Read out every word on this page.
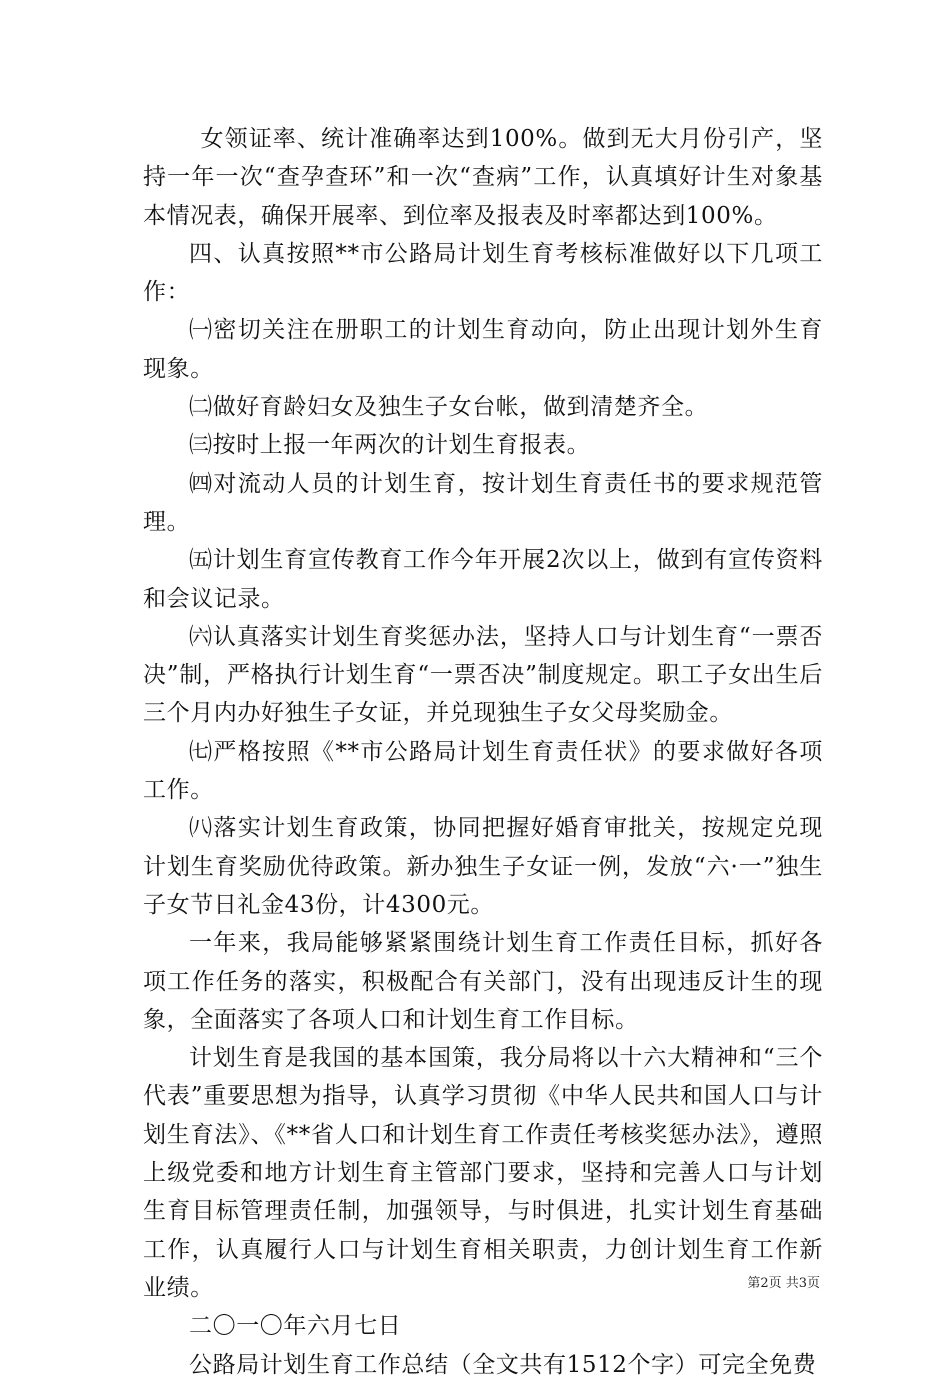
女领证率、统计准确率达到100%。做到无大月份引产，坚持一年一次“查孕查环”和一次“查病”工作，认真填好计生对象基本情况表，确保开展率、到位率及报表及时率都达到100%。

四、认真按照**市公路局计划生育考核标准做好以下几项工作：

㈠密切关注在册职工的计划生育动向，防止出现计划外生育现象。

㈡做好育龄妇女及独生子女台帐，做到清楚齐全。

㈢按时上报一年两次的计划生育报表。

㈣对流动人员的计划生育，按计划生育责任书的要求规范管理。

㈤计划生育宣传教育工作今年开展2次以上，做到有宣传资料和会议记录。

㈥认真落实计划生育奖惩办法，坚持人口与计划生育“一票否决”制，严格执行计划生育“一票否决”制度规定。职工子女出生后三个月内办好独生子女证，并兑现独生子女父母奖励金。

㈦严格按照《**市公路局计划生育责任状》的要求做好各项工作。

㈧落实计划生育政策，协同把握好婚育审批关，按规定兑现计划生育奖励优待政策。新办独生子女证一例，发放“六·一”独生子女节日礼金43份，计4300元。

一年来，我局能够紧紧围绕计划生育工作责任目标，抓好各项工作任务的落实，积极配合有关部门，没有出现违反计生的现象，全面落实了各项人口和计划生育工作目标。

计划生育是我国的基本国策，我分局将以十六大精神和“三个代表”重要思想为指导，认真学习贯彻《中华人民共和国人口与计划生育法》、《**省人口和计划生育工作责任考核奖惩办法》，遵照上级党委和地方计划生育主管部门要求，坚持和完善人口与计划生育目标管理责任制，加强领导，与时俱进，扎实计划生育基础工作，认真履行人口与计划生育相关职责，力创计划生育工作新业绩。

二〇一〇年六月七日

公路局计划生育工作总结（全文共有1512个字）可完全免费

第2页 共3页
